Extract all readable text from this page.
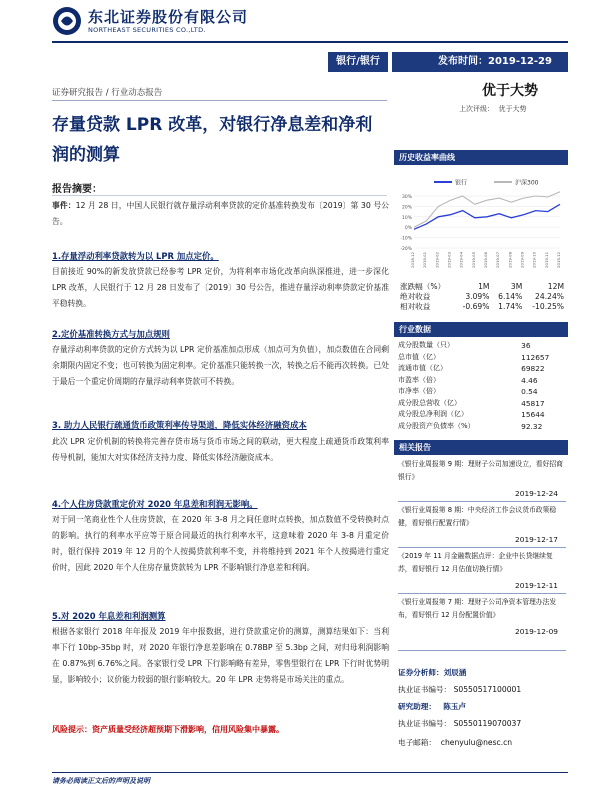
东北证券股份有限公司
NORTHEAST SECURITIES CO.,LTD.
银行/银行	发布时间：2019-12-29
证券研究报告 / 行业动态报告	优于大势
上次评级： 优于大势
存量贷款 LPR 改革，对银行净息差和净利润的测算
报告摘要：
事件：12 月 28 日，中国人民银行就存量浮动利率贷款的定价基准转换发布〔2019〕第 30 号公告。
1.存量浮动利率贷款转为以 LPR 加点定价。
目前接近 90%的新发放贷款已经参考 LPR 定价，为将利率市场化改革向纵深推进，进一步深化 LPR 改革，人民银行于 12 月 28 日发布了〔2019〕30 号公告，推进存量浮动利率贷款定价基准平稳转换。
2.定价基准转换方式与加点规则
存量浮动利率贷款的定价方式转为以 LPR 定价基准加点形成（加点可为负值），加点数值在合同剩余期限内固定不变；也可转换为固定利率。定价基准只能转换一次，转换之后不能再次转换。已处于最后一个重定价周期的存量浮动利率贷款可不转换。
3. 助力人民银行疏通货币政策利率传导渠道，降低实体经济融资成本
此次 LPR 定价机制的转换将完善存贷市场与货币市场之间的联动，更大程度上疏通货币政策利率传导机制，能加大对实体经济支持力度、降低实体经济融资成本。
4.个人住房贷款重定价对 2020 年息差和利润无影响。
对于同一笔商业性个人住房贷款，在 2020 年 3-8 月之间任意时点转换，加点数值不受转换时点的影响。执行的利率水平应等于原合同最近的执行利率水平，这意味着 2020 年 3-8 月重定价时，银行保持 2019 年 12 月的个人按揭贷款利率不变，并将维持到 2021 年个人按揭进行重定价时，因此 2020 年个人住房存量贷款转为 LPR 不影响银行净息差和利润。
5.对 2020 年息差和利润测算
根据各家银行 2018 年年报及 2019 年中报数据，进行贷款重定价的测算，测算结果如下：当利率下行 10bp-35bp 时，对 2020 年银行净息差影响在 0.78BP 至 5.3bp 之间，对归母利润影响在 0.87%到 6.76%之间。各家银行受 LPR 下行影响略有差异，零售型银行在 LPR 下行时优势明显，影响较小；议价能力较弱的银行影响较大。20 年 LPR 走势将是市场关注的重点。
风险提示：资产质量受经济超预期下滑影响，信用风险集中暴露。
历史收益率曲线
银行	沪深300
30%
20%
10%
0%
-10%
-20%
2018-12 2019-01 2019-02 2019-03 2019-04 2019-05 2019-06 2019-07 2019-08 2019-09 2019-10 2019-11 2019-12
涨跌幅（%）	1M	3M	12M
绝对收益	3.09%	6.14%	24.24%
相对收益	-0.69%	1.74%	-10.25%
行业数据
成分股数量（只）	36
总市值（亿）	112657
流通市值（亿）	69822
市盈率（倍）	4.46
市净率（倍）	0.54
成分股总营收（亿）	45817
成分股总净利润（亿）	15644
成分股资产负债率（%）	92.32
相关报告
《银行业周报第 9 期：理财子公司加速设立，看好招商银行》
2019-12-24
《银行业周报第 8 期：中央经济工作会议货币政策稳健，看好银行配置行情》
2019-12-17
《2019 年 11 月金融数据点评：企业中长贷继续复苏，看好银行 12 月估值切换行情》
2019-12-11
《银行业周报第 7 期：理财子公司净资本管理办法发布，看好银行 12 月份配置价值》
2019-12-09
证券分析师：刘辰涵
执业证书编号： S0550517100001
研究助理： 陈玉卢
执业证书编号： S0550119070037
电子邮箱： chenyulu@nesc.cn
请务必阅读正文后的声明及说明
